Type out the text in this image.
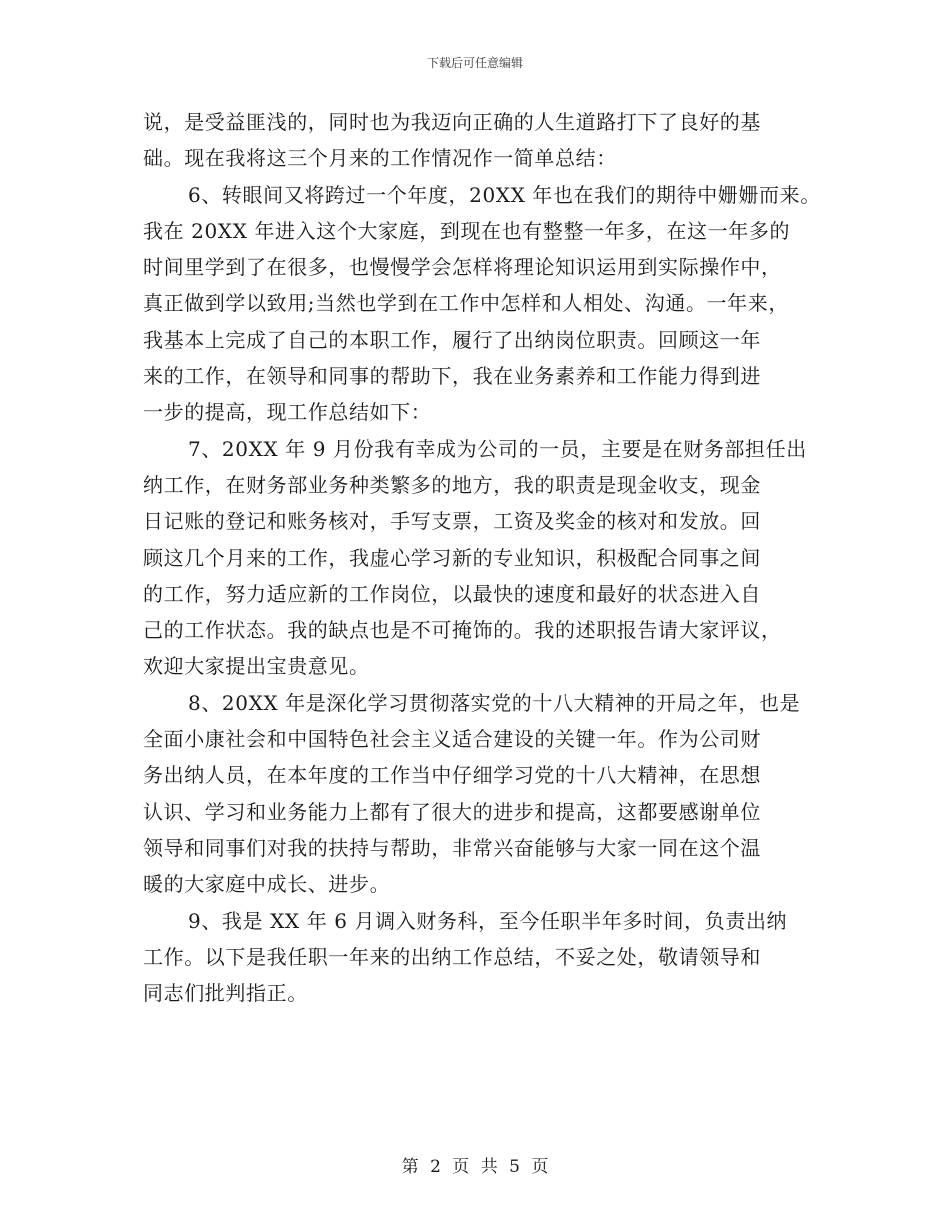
下载后可任意编辑
说，是受益匪浅的，同时也为我迈向正确的人生道路打下了良好的基
础。现在我将这三个月来的工作情况作一简单总结：
6、转眼间又将跨过一个年度，20XX 年也在我们的期待中姗姗而来。
我在 20XX 年进入这个大家庭，到现在也有整整一年多，在这一年多的
时间里学到了在很多，也慢慢学会怎样将理论知识运用到实际操作中，
真正做到学以致用;当然也学到在工作中怎样和人相处、沟通。一年来，
我基本上完成了自己的本职工作，履行了出纳岗位职责。回顾这一年
来的工作，在领导和同事的帮助下，我在业务素养和工作能力得到进
一步的提高，现工作总结如下：
7、20XX 年 9 月份我有幸成为公司的一员，主要是在财务部担任出
纳工作，在财务部业务种类繁多的地方，我的职责是现金收支，现金
日记账的登记和账务核对，手写支票，工资及奖金的核对和发放。回
顾这几个月来的工作，我虚心学习新的专业知识，积极配合同事之间
的工作，努力适应新的工作岗位，以最快的速度和最好的状态进入自
己的工作状态。我的缺点也是不可掩饰的。我的述职报告请大家评议，
欢迎大家提出宝贵意见。
8、20XX 年是深化学习贯彻落实党的十八大精神的开局之年，也是
全面小康社会和中国特色社会主义适合建设的关键一年。作为公司财
务出纳人员，在本年度的工作当中仔细学习党的十八大精神，在思想
认识、学习和业务能力上都有了很大的进步和提高，这都要感谢单位
领导和同事们对我的扶持与帮助，非常兴奋能够与大家一同在这个温
暖的大家庭中成长、进步。
9、我是 XX 年 6 月调入财务科，至今任职半年多时间，负责出纳
工作。以下是我任职一年来的出纳工作总结，不妥之处，敬请领导和
同志们批判指正。
第 2 页 共 5 页
